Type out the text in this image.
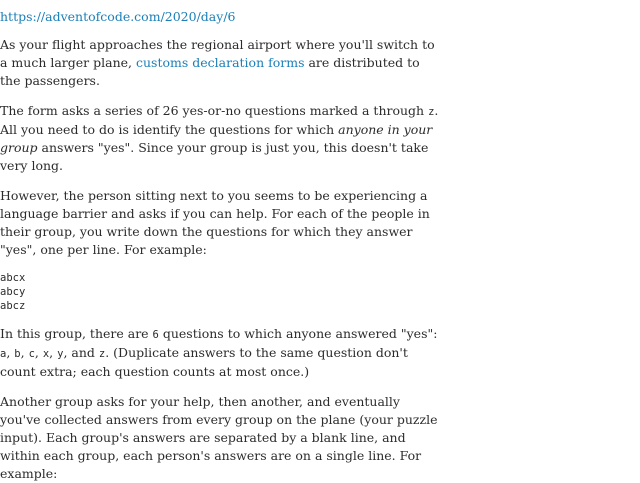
https://adventofcode.com/2020/day/6

As your flight approaches the regional airport where you'll switch to a much larger plane, customs declaration forms are distributed to the passengers.

The form asks a series of 26 yes-or-no questions marked a through z. All you need to do is identify the questions for which anyone in your group answers "yes". Since your group is just you, this doesn't take very long.

However, the person sitting next to you seems to be experiencing a language barrier and asks if you can help. For each of the people in their group, you write down the questions for which they answer "yes", one per line. For example:

abcx
abcy
abcz

In this group, there are 6 questions to which anyone answered "yes": a, b, c, x, y, and z. (Duplicate answers to the same question don't count extra; each question counts at most once.)

Another group asks for your help, then another, and eventually you've collected answers from every group on the plane (your puzzle input). Each group's answers are separated by a blank line, and within each group, each person's answers are on a single line. For example:
